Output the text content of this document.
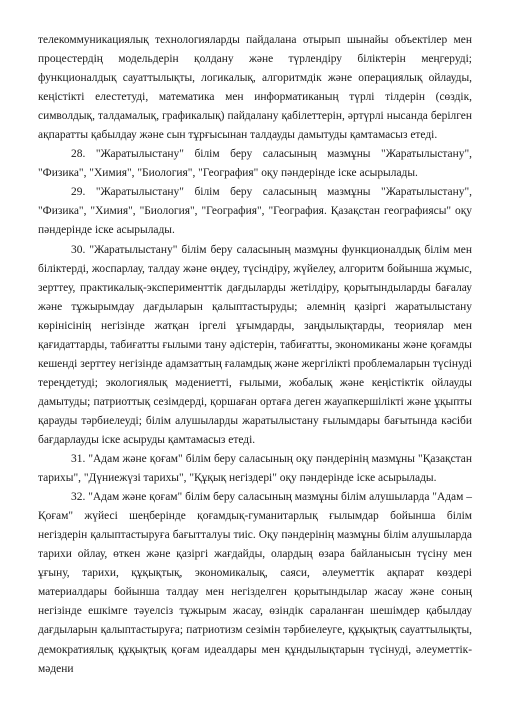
телекоммуникациялық технологияларды пайдалана отырып шынайы объектілер мен процестердің модельдерін қолдану және түрлендіру біліктерін меңгеруді; функционалдық сауаттылықты, логикалық, алгоритмдік және операциялық ойлауды, кеңістікті елестетуді, математика мен информатиканың түрлі тілдерін (сөздік, символдық, талдамалық, графикалық) пайдалану қабілеттерін, әртүрлі нысанда берілген ақпаратты қабылдау және сын тұрғысынан талдауды дамытуды қамтамасыз етеді.

28. "Жаратылыстану" білім беру саласының мазмұны "Жаратылыстану", "Физика", "Химия", "Биология", "География" оқу пәндерінде іске асырылады.

29. "Жаратылыстану" білім беру саласының мазмұны "Жаратылыстану", "Физика", "Химия", "Биология", "География", "География. Қазақстан географиясы" оқу пәндерінде іске асырылады.

30. "Жаратылыстану" білім беру саласының мазмұны функционалдық білім мен біліктерді, жоспарлау, талдау және өңдеу, түсіндіру, жүйелеу, алгоритм бойынша жұмыс, зерттеу, практикалық-эксперименттік дағдыларды жетілдіру, қорытындыларды бағалау және тұжырымдау дағдыларын қалыптастыруды; әлемнің қазіргі жаратылыстану көрінісінің негізінде жатқан іргелі ұғымдарды, заңдылықтарды, теориялар мен қағидаттарды, табиғатты ғылыми тану әдістерін, табиғатты, экономиканы және қоғамды кешенді зерттеу негізінде адамзаттың ғаламдық және жергілікті проблемаларын түсінуді тереңдетуді; экологиялық мәдениетті, ғылыми, жобалық және кеңістіктік ойлауды дамытуды; патриоттық сезімдерді, қоршаған ортаға деген жауапкершілікті және ұқыпты қарауды тәрбиелеуді; білім алушыларды жаратылыстану ғылымдары бағытында кәсіби бағдарлауды іске асыруды қамтамасыз етеді.

31. "Адам және қоғам" білім беру саласының оқу пәндерінің мазмұны "Қазақстан тарихы", "Дүниежүзі тарихы", "Құқық негіздері" оқу пәндерінде іске асырылады.

32. "Адам және қоғам" білім беру саласының мазмұны білім алушыларда "Адам – Қоғам" жүйесі шеңберінде қоғамдық-гуманитарлық ғылымдар бойынша білім негіздерін қалыптастыруға бағытталуы тиіс. Оқу пәндерінің мазмұны білім алушыларда тарихи ойлау, өткен және қазіргі жағдайды, олардың өзара байланысын түсіну мен ұғыну, тарихи, құқықтық, экономикалық, саяси, әлеуметтік ақпарат көздері материалдары бойынша талдау мен негізделген қорытындылар жасау және соның негізінде ешкімге тәуелсіз тұжырым жасау, өзіндік сараланған шешімдер қабылдау дағдыларын қалыптастыруға; патриотизм сезімін тәрбиелеуге, құқықтық сауаттылықты, демократиялық құқықтық қоғам идеалдары мен құндылықтарын түсінуді, әлеуметтік-мәдени
